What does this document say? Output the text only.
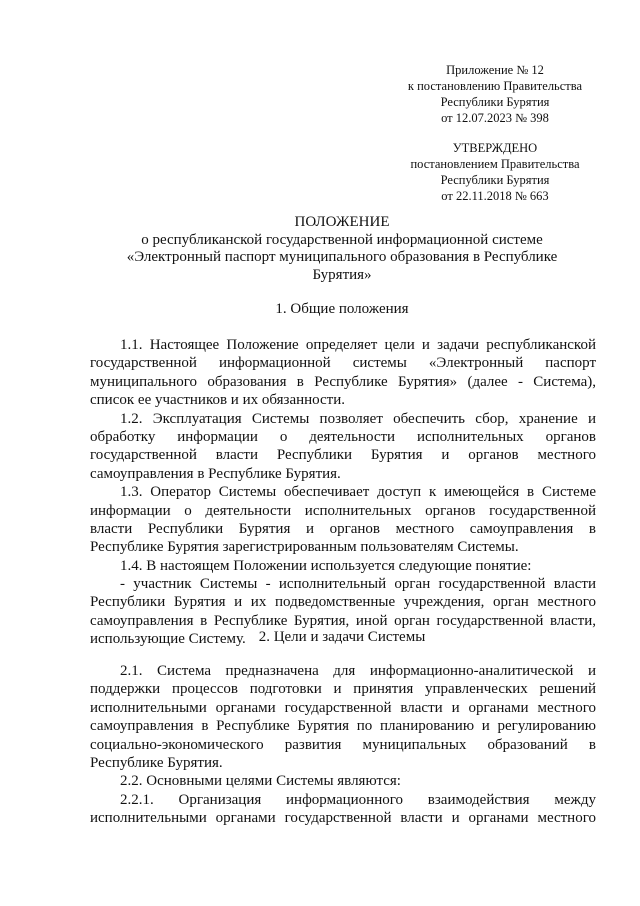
Приложение № 12
к постановлению Правительства
Республики Бурятия
от 12.07.2023 № 398
УТВЕРЖДЕНО
постановлением Правительства
Республики Бурятия
от 22.11.2018 № 663
ПОЛОЖЕНИЕ
о республиканской государственной информационной системе
«Электронный паспорт муниципального образования в Республике
Бурятия»
1. Общие положения
1.1. Настоящее Положение определяет цели и задачи республиканской
государственной информационной системы «Электронный паспорт
муниципального образования в Республике Бурятия» (далее - Система),
список ее участников и их обязанности.
1.2. Эксплуатация Системы позволяет обеспечить сбор, хранение и
обработку информации о деятельности исполнительных органов
государственной власти Республики Бурятия и органов местного
самоуправления в Республике Бурятия.
1.3. Оператор Системы обеспечивает доступ к имеющейся в Системе
информации о деятельности исполнительных органов государственной
власти Республики Бурятия и органов местного самоуправления в
Республике Бурятия зарегистрированным пользователям Системы.
1.4. В настоящем Положении используется следующие понятие:
- участник Системы - исполнительный орган государственной власти
Республики Бурятия и их подведомственные учреждения, орган местного
самоуправления в Республике Бурятия, иной орган государственной власти,
использующие Систему. 2. Цели и задачи Системы
2.1. Система предназначена для информационно-аналитической и
поддержки процессов подготовки и принятия управленческих решений
исполнительными органами государственной власти и органами местного
самоуправления в Республике Бурятия по планированию и регулированию
социально-экономического развития муниципальных образований в
Республике Бурятия.
2.2. Основными целями Системы являются:
2.2.1. Организация информационного взаимодействия между
исполнительными органами государственной власти и органами местного
